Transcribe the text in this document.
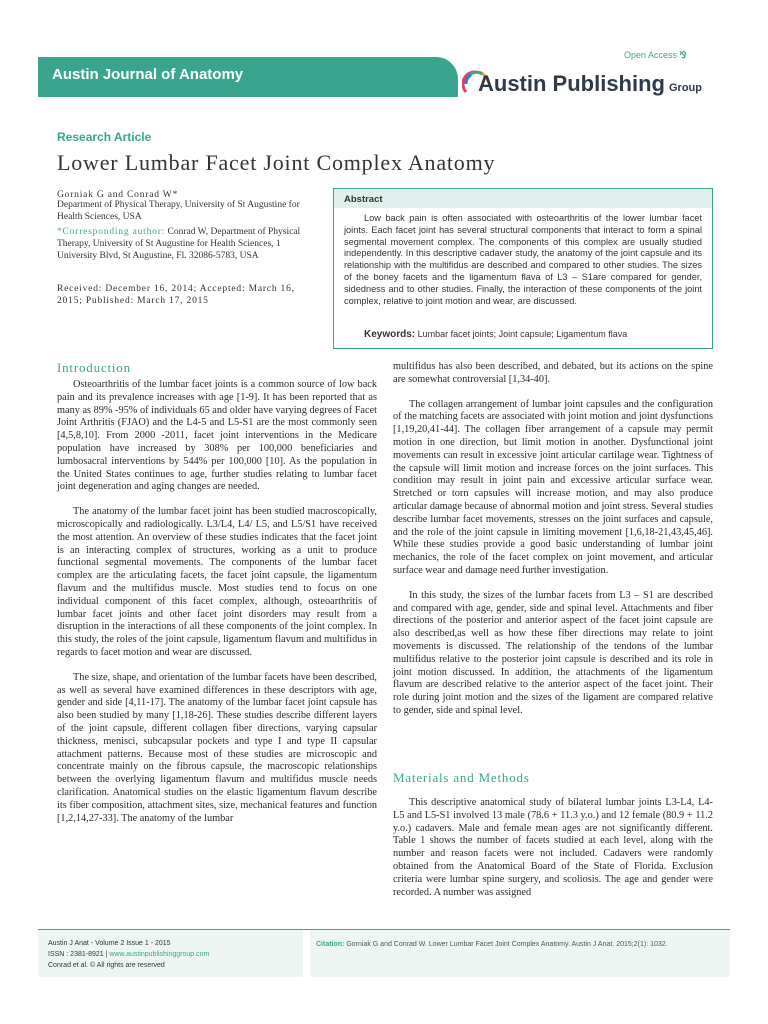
Open Access ⅋
Austin Journal of Anatomy	Austin Publishing Group
Research Article
Lower Lumbar Facet Joint Complex Anatomy
Gorniak G and Conrad W*
Department of Physical Therapy, University of St Augustine for Health Sciences, USA
*Corresponding author: Conrad W, Department of Physical Therapy, University of St Augustine for Health Sciences, 1 University Blvd, St Augustine, Fl. 32086-5783, USA
Received: December 16, 2014; Accepted: March 16, 2015; Published: March 17, 2015
Abstract
Low back pain is often associated with osteoarthritis of the lower lumbar facet joints. Each facet joint has several structural components that interact to form a spinal segmental movement complex. The components of this complex are usually studied independently. In this descriptive cadaver study, the anatomy of the joint capsule and its relationship with the multifidus are described and compared to other studies. The sizes of the boney facets and the ligamentum flava of L3 – S1are compared for gender, sidedness and to other studies. Finally, the interaction of these components of the joint complex, relative to joint motion and wear, are discussed.
Keywords: Lumbar facet joints; Joint capsule; Ligamentum flava
Introduction

Osteoarthritis of the lumbar facet joints is a common source of low back pain and its prevalence increases with age [1-9]. It has been reported that as many as 89% -95% of individuals 65 and older have varying degrees of Facet Joint Arthritis (FJAO) and the L4-5 and L5-S1 are the most commonly seen [4,5,8,10]. From 2000 -2011, facet joint interventions in the Medicare population have increased by 308% per 100,000 beneficiaries and lumbosacral interventions by 544% per 100,000 [10]. As the population in the United States continues to age, further studies relating to lumbar facet joint degeneration and aging changes are needed.

The anatomy of the lumbar facet joint has been studied macroscopically, microscopically and radiologically. L3/L4, L4/ L5, and L5/S1 have received the most attention. An overview of these studies indicates that the facet joint is an interacting complex of structures, working as a unit to produce functional segmental movements. The components of the lumbar facet complex are the articulating facets, the facet joint capsule, the ligamentum flavum and the multifidus muscle. Most studies tend to focus on one individual component of this facet complex, although, osteoarthritis of lumbar facet joints and other facet joint disorders may result from a disruption in the interactions of all these components of the joint complex. In this study, the roles of the joint capsule, ligamentum flavum and multifidus in regards to facet motion and wear are discussed.

The size, shape, and orientation of the lumbar facets have been described, as well as several have examined differences in these descriptors with age, gender and side [4,11-17]. The anatomy of the lumbar facet joint capsule has also been studied by many [1,18-26]. These studies describe different layers of the joint capsule, different collagen fiber directions, varying capsular thickness, menisci, subcapsular pockets and type I and type II capsular attachment patterns. Because most of these studies are microscopic and concentrate mainly on the fibrous capsule, the macroscopic relationships between the overlying ligamentum flavum and multifidus muscle needs clarification. Anatomical studies on the elastic ligamentum flavum describe its fiber composition, attachment sites, size, mechanical features and function [1,2,14,27-33]. The anatomy of the lumbar

multifidus has also been described, and debated, but its actions on the spine are somewhat controversial [1,34-40].

The collagen arrangement of lumbar joint capsules and the configuration of the matching facets are associated with joint motion and joint dysfunctions [1,19,20,41-44]. The collagen fiber arrangement of a capsule may permit motion in one direction, but limit motion in another. Dysfunctional joint movements can result in excessive joint articular cartilage wear. Tightness of the capsule will limit motion and increase forces on the joint surfaces. This condition may result in joint pain and excessive articular surface wear. Stretched or torn capsules will increase motion, and may also produce articular damage because of abnormal motion and joint stress. Several studies describe lumbar facet movements, stresses on the joint surfaces and capsule, and the role of the joint capsule in limiting movement [1,6,18-21,43,45,46]. While these studies provide a good basic understanding of lumbar joint mechanics, the role of the facet complex on joint movement, and articular surface wear and damage need further investigation.

In this study, the sizes of the lumbar facets from L3 – S1 are described and compared with age, gender, side and spinal level. Attachments and fiber directions of the posterior and anterior aspect of the facet joint capsule are also described,as well as how these fiber directions may relate to joint movements is discussed. The relationship of the tendons of the lumbar multifidus relative to the posterior joint capsule is described and its role in joint motion discussed. In addition, the attachments of the ligamentum flavum are described relative to the anterior aspect of the facet joint. Their role during joint motion and the sizes of the ligament are compared relative to gender, side and spinal level.

Materials and Methods

This descriptive anatomical study of bilateral lumbar joints L3-L4, L4- L5 and L5-S1 involved 13 male (78.6 + 11.3 y.o.) and 12 female (80.9 + 11.2 y.o.) cadavers. Male and female mean ages are not significantly different. Table 1 shows the number of facets studied at each level, along with the number and reason facets were not included. Cadavers were randomly obtained from the Anatomical Board of the State of Florida. Exclusion criteria were lumbar spine surgery, and scoliosis. The age and gender were recorded. A number was assigned

Austin J Anat - Volume 2 Issue 1 - 2015
ISSN : 2381-8921 | www.austinpublishinggroup.com
Conrad et al. © All rights are reserved
Citation: Gorniak G and Conrad W. Lower Lumbar Facet Joint Complex Anatomy. Austin J Anat. 2015;2(1): 1032.
